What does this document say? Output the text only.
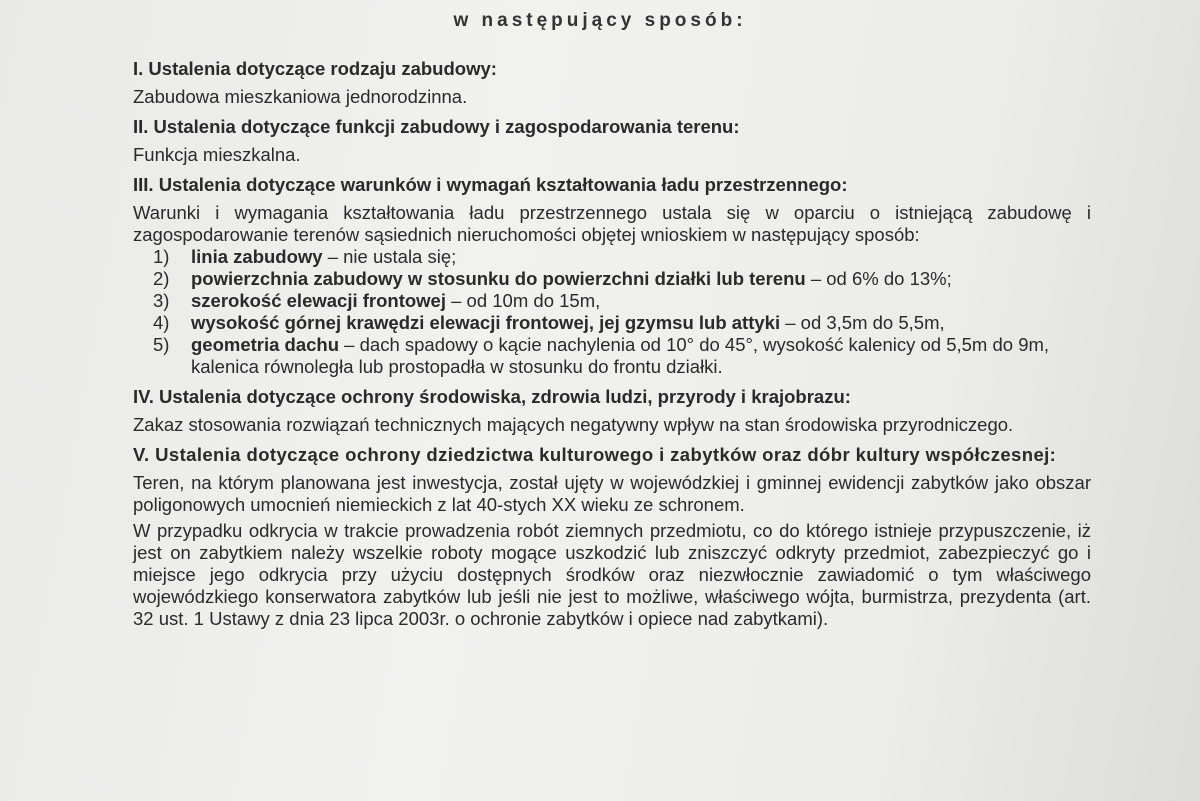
w następujący sposób:
I. Ustalenia dotyczące rodzaju zabudowy:
Zabudowa mieszkaniowa jednorodzinna.
II. Ustalenia dotyczące funkcji zabudowy i zagospodarowania terenu:
Funkcja mieszkalna.
III. Ustalenia dotyczące warunków i wymagań kształtowania ładu przestrzennego:
Warunki i wymagania kształtowania ładu przestrzennego ustala się w oparciu o istniejącą zabudowę i zagospodarowanie terenów sąsiednich nieruchomości objętej wnioskiem w następujący sposób:
1) linia zabudowy – nie ustala się;
2) powierzchnia zabudowy w stosunku do powierzchni działki lub terenu – od 6% do 13%;
3) szerokość elewacji frontowej – od 10m do 15m,
4) wysokość górnej krawędzi elewacji frontowej, jej gzymsu lub attyki – od 3,5m do 5,5m,
5) geometria dachu – dach spadowy o kącie nachylenia od 10° do 45°, wysokość kalenicy od 5,5m do 9m, kalenica równoległa lub prostopadła w stosunku do frontu działki.
IV. Ustalenia dotyczące ochrony środowiska, zdrowia ludzi, przyrody i krajobrazu:
Zakaz stosowania rozwiązań technicznych mających negatywny wpływ na stan środowiska przyrodniczego.
V. Ustalenia dotyczące ochrony dziedzictwa kulturowego i zabytków oraz dóbr kultury współczesnej:
Teren, na którym planowana jest inwestycja, został ujęty w wojewódzkiej i gminnej ewidencji zabytków jako obszar poligonowych umocnień niemieckich z lat 40-stych XX wieku ze schronem.
W przypadku odkrycia w trakcie prowadzenia robót ziemnych przedmiotu, co do którego istnieje przypuszczenie, iż jest on zabytkiem należy wszelkie roboty mogące uszkodzić lub zniszczyć odkryty przedmiot, zabezpieczyć go i miejsce jego odkrycia przy użyciu dostępnych środków oraz niezwłocznie zawiadomić o tym właściwego wojewódzkiego konserwatora zabytków lub jeśli nie jest to możliwe, właściwego wójta, burmistrza, prezydenta (art. 32 ust. 1 Ustawy z dnia 23 lipca 2003r. o ochronie zabytków i opiece nad zabytkami).
